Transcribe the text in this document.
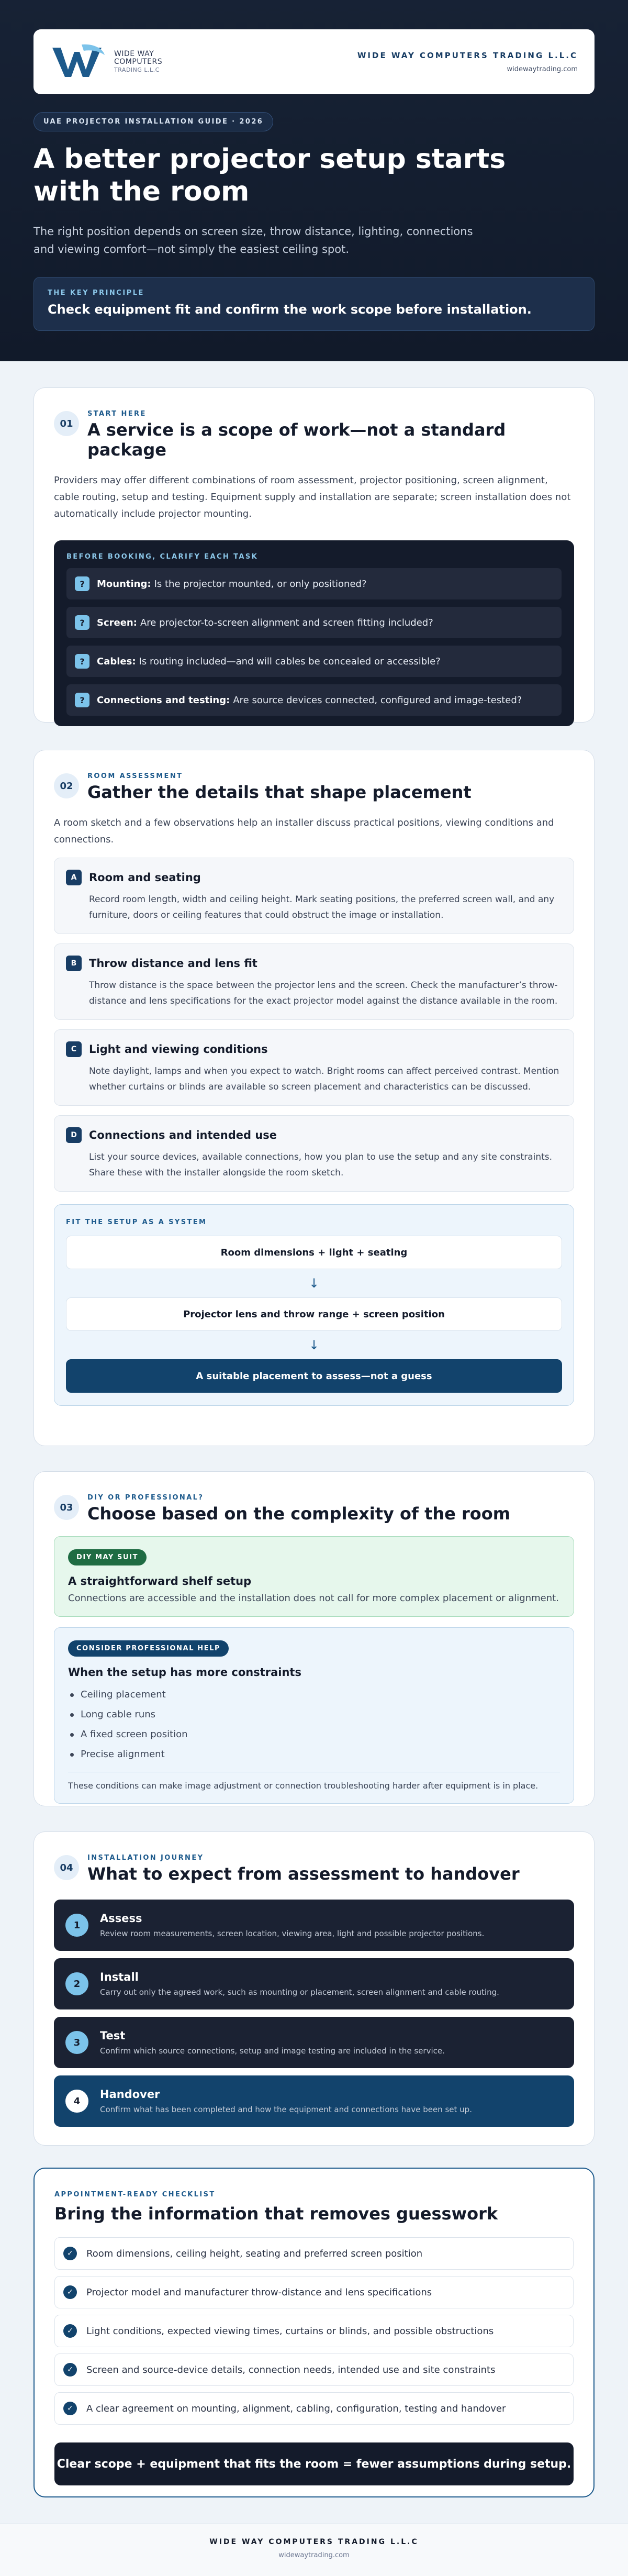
WIDE WAY
COMPUTERS
TRADING L.L.C
WIDE WAY COMPUTERS TRADING L.L.C
widewaytrading.com
UAE PROJECTOR INSTALLATION GUIDE · 2026
A better projector setup starts
with the room

The right position depends on screen size, throw distance, lighting, connections and viewing comfort—not simply the easiest ceiling spot.

THE KEY PRINCIPLE
Check equipment fit and confirm the work scope before installation.
01
START HERE
A service is a scope of work—not a standard package

Providers may offer different combinations of room assessment, projector positioning, screen alignment, cable routing, setup and testing. Equipment supply and installation are separate; screen installation does not automatically include projector mounting.

BEFORE BOOKING, CLARIFY EACH TASK
?	Mounting: Is the projector mounted, or only positioned?
?	Screen: Are projector-to-screen alignment and screen fitting included?
?	Cables: Is routing included—and will cables be concealed or accessible?
?	Connections and testing: Are source devices connected, configured and image-tested?
02
ROOM ASSESSMENT
Gather the details that shape placement

A room sketch and a few observations help an installer discuss practical positions, viewing conditions and connections.

A	Room and seating

Record room length, width and ceiling height. Mark seating positions, the preferred screen wall, and any furniture, doors or ceiling features that could obstruct the image or installation.

B	Throw distance and lens fit

Throw distance is the space between the projector lens and the screen. Check the manufacturer’s throw-distance and lens specifications for the exact projector model against the distance available in the room.

C	Light and viewing conditions

Note daylight, lamps and when you expect to watch. Bright rooms can affect perceived contrast. Mention whether curtains or blinds are available so screen placement and characteristics can be discussed.

D	Connections and intended use

List your source devices, available connections, how you plan to use the setup and any site constraints. Share these with the installer alongside the room sketch.

FIT THE SETUP AS A SYSTEM
Room dimensions + light + seating
↓
Projector lens and throw range + screen position
↓
A suitable placement to assess—not a guess
03
DIY OR PROFESSIONAL?
Choose based on the complexity of the room
DIY MAY SUIT
A straightforward shelf setup
Connections are accessible and the installation does not call for more complex placement or alignment.
CONSIDER PROFESSIONAL HELP
When the setup has more constraints
Ceiling placement
Long cable runs
A fixed screen position
Precise alignment
These conditions can make image adjustment or connection troubleshooting harder after equipment is in place.
04
INSTALLATION JOURNEY
What to expect from assessment to handover
1
Assess
Review room measurements, screen location, viewing area, light and possible projector positions.
2
Install
Carry out only the agreed work, such as mounting or placement, screen alignment and cable routing.
3
Test
Confirm which source connections, setup and image testing are included in the service.
4
Handover
Confirm what has been completed and how the equipment and connections have been set up.
APPOINTMENT-READY CHECKLIST
Bring the information that removes guesswork
✓	Room dimensions, ceiling height, seating and preferred screen position
✓	Projector model and manufacturer throw-distance and lens specifications
✓	Light conditions, expected viewing times, curtains or blinds, and possible obstructions
✓	Screen and source-device details, connection needs, intended use and site constraints
✓	A clear agreement on mounting, alignment, cabling, configuration, testing and handover
Clear scope + equipment that fits the room = fewer assumptions during setup.
WIDE WAY COMPUTERS TRADING L.L.C
widewaytrading.com
